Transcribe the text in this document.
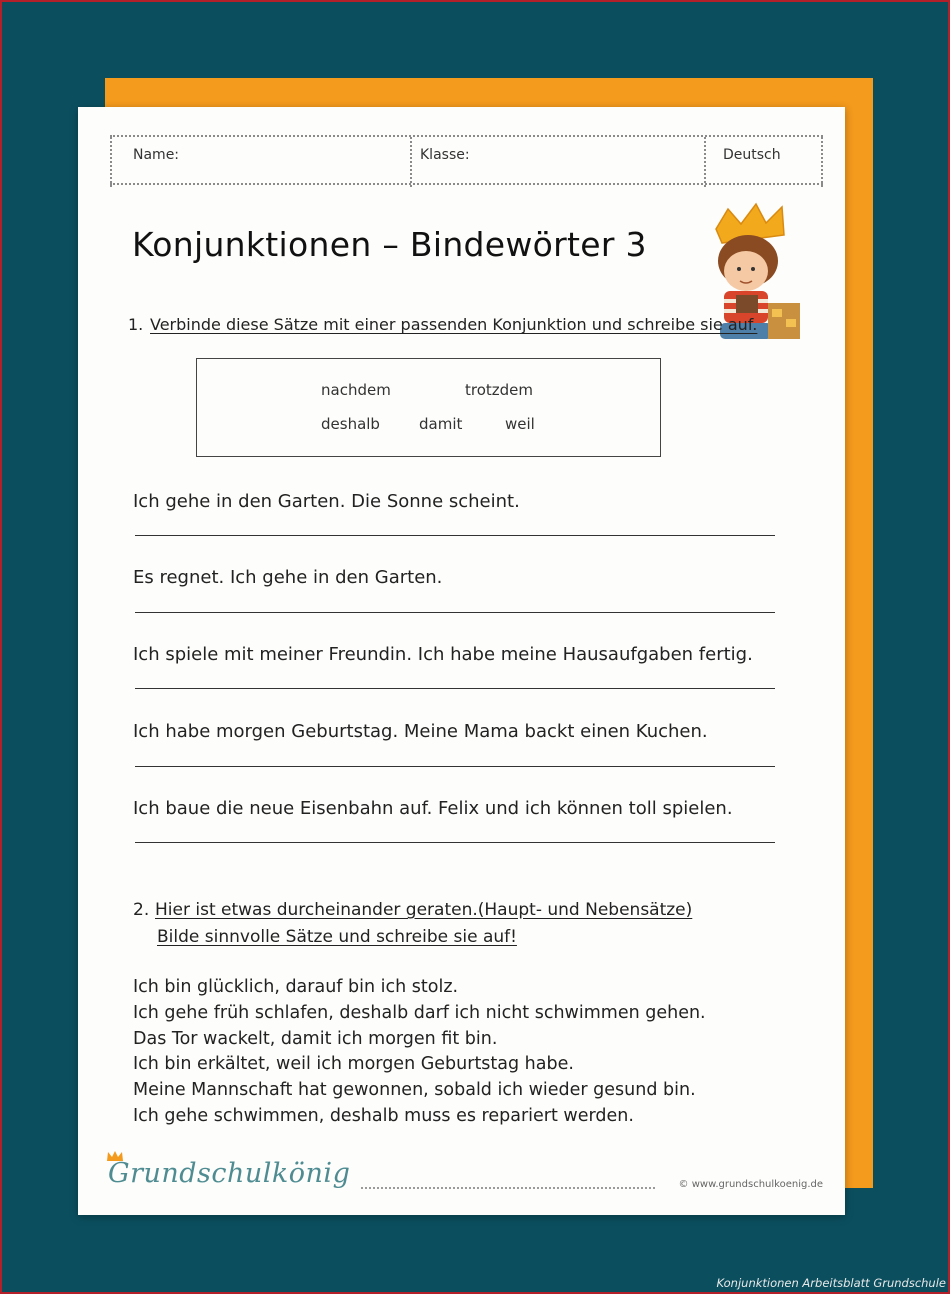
Name:	Klasse:	Deutsch
Konjunktionen – Bindewörter 3
1. Verbinde diese Sätze mit einer passenden Konjunktion und schreibe sie auf.
nachdem	trotzdem
deshalb	damit	weil
Ich gehe in den Garten. Die Sonne scheint.
Es regnet. Ich gehe in den Garten.
Ich spiele mit meiner Freundin. Ich habe meine Hausaufgaben fertig.
Ich habe morgen Geburtstag. Meine Mama backt einen Kuchen.
Ich baue die neue Eisenbahn auf. Felix und ich können toll spielen.
2. Hier ist etwas durcheinander geraten.(Haupt- und Nebensätze)
Bilde sinnvolle Sätze und schreibe sie auf!
Ich bin glücklich, darauf bin ich stolz.
Ich gehe früh schlafen, deshalb darf ich nicht schwimmen gehen.
Das Tor wackelt, damit ich morgen fit bin.
Ich bin erkältet, weil ich morgen Geburtstag habe.
Meine Mannschaft hat gewonnen, sobald ich wieder gesund bin.
Ich gehe schwimmen, deshalb muss es repariert werden.
Grundschulkönig	© www.grundschulkoenig.de
Konjunktionen Arbeitsblatt Grundschule
